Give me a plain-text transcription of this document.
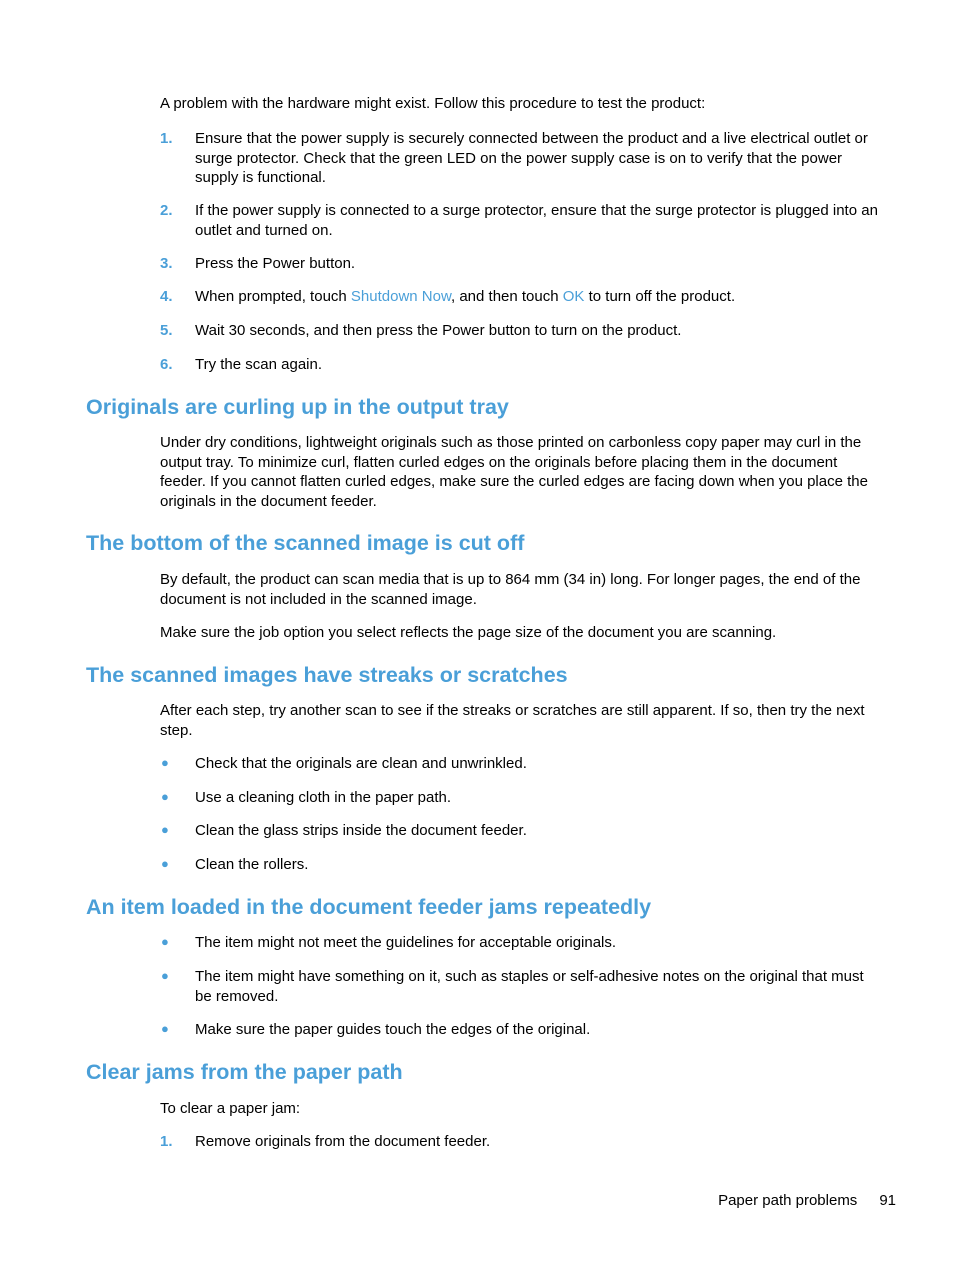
A problem with the hardware might exist. Follow this procedure to test the product:

1. Ensure that the power supply is securely connected between the product and a live electrical outlet or surge protector. Check that the green LED on the power supply case is on to verify that the power supply is functional.
2. If the power supply is connected to a surge protector, ensure that the surge protector is plugged into an outlet and turned on.
3. Press the Power button.
4. When prompted, touch Shutdown Now, and then touch OK to turn off the product.
5. Wait 30 seconds, and then press the Power button to turn on the product.
6. Try the scan again.
Originals are curling up in the output tray

Under dry conditions, lightweight originals such as those printed on carbonless copy paper may curl in the output tray. To minimize curl, flatten curled edges on the originals before placing them in the document feeder. If you cannot flatten curled edges, make sure the curled edges are facing down when you place the originals in the document feeder.

The bottom of the scanned image is cut off

By default, the product can scan media that is up to 864 mm (34 in) long. For longer pages, the end of the document is not included in the scanned image.

Make sure the job option you select reflects the page size of the document you are scanning.

The scanned images have streaks or scratches

After each step, try another scan to see if the streaks or scratches are still apparent. If so, then try the next step.

● Check that the originals are clean and unwrinkled.
● Use a cleaning cloth in the paper path.
● Clean the glass strips inside the document feeder.
● Clean the rollers.
An item loaded in the document feeder jams repeatedly
● The item might not meet the guidelines for acceptable originals.
● The item might have something on it, such as staples or self-adhesive notes on the original that must be removed.
● Make sure the paper guides touch the edges of the original.
Clear jams from the paper path

To clear a paper jam:

1. Remove originals from the document feeder.
Paper path problems 91
